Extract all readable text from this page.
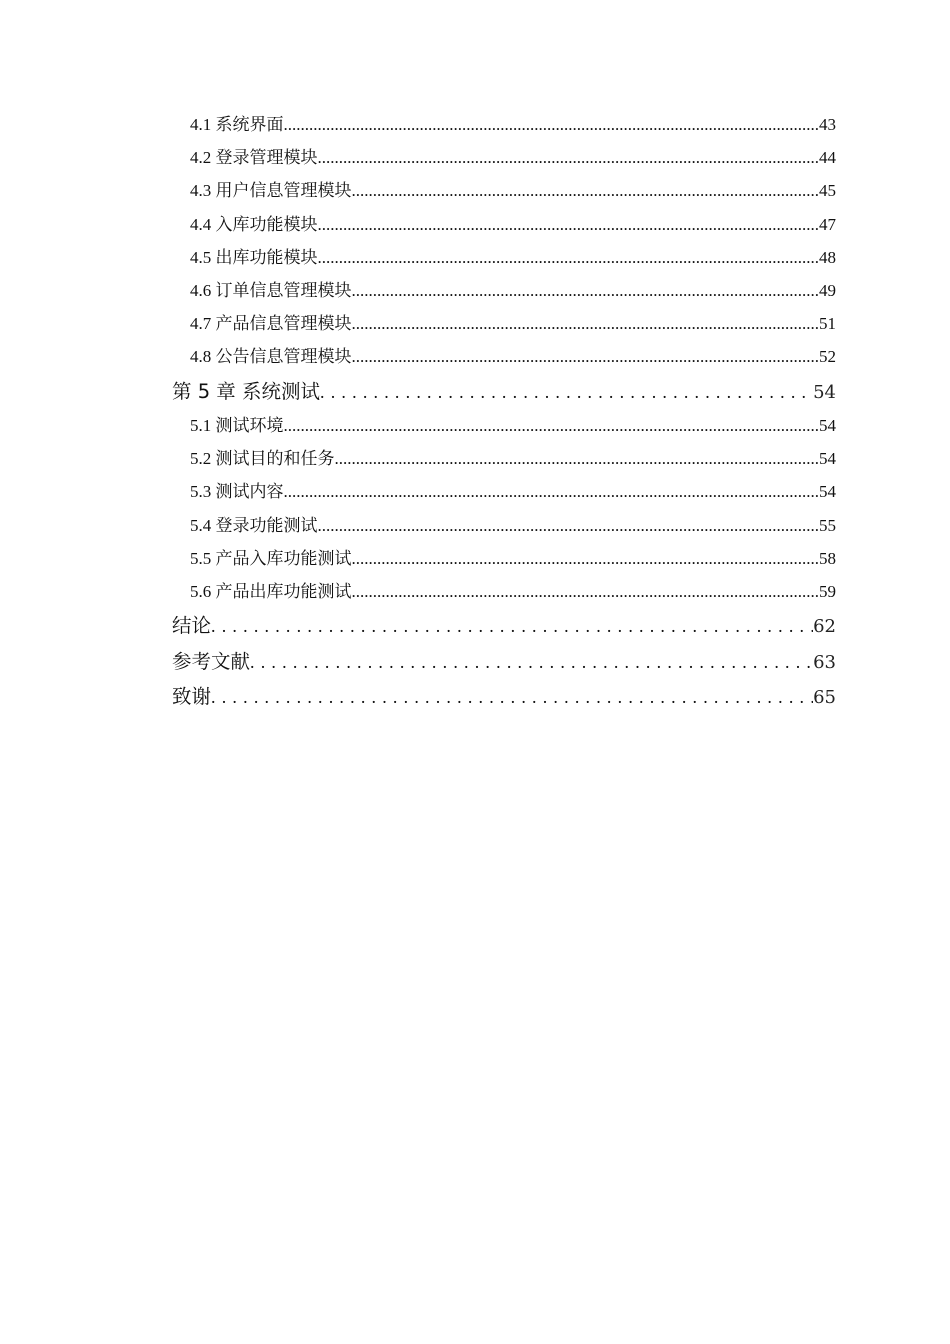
4.1 系统界面 .....	43
4.2 登录管理模块 .....	44
4.3 用户信息管理模块 .....	45
4.4 入库功能模块 .....	47
4.5 出库功能模块 .....	48
4.6 订单信息管理模块 .....	49
4.7 产品信息管理模块 .....	51
4.8 公告信息管理模块 .....	52
第 5 章 系统测试 .....	54
5.1 测试环境 .....	54
5.2 测试目的和任务 .....	54
5.3 测试内容 .....	54
5.4 登录功能测试 .....	55
5.5 产品入库功能测试 .....	58
5.6 产品出库功能测试 .....	59
结论 .....	62
参考文献 .....	63
致谢 .....	65
